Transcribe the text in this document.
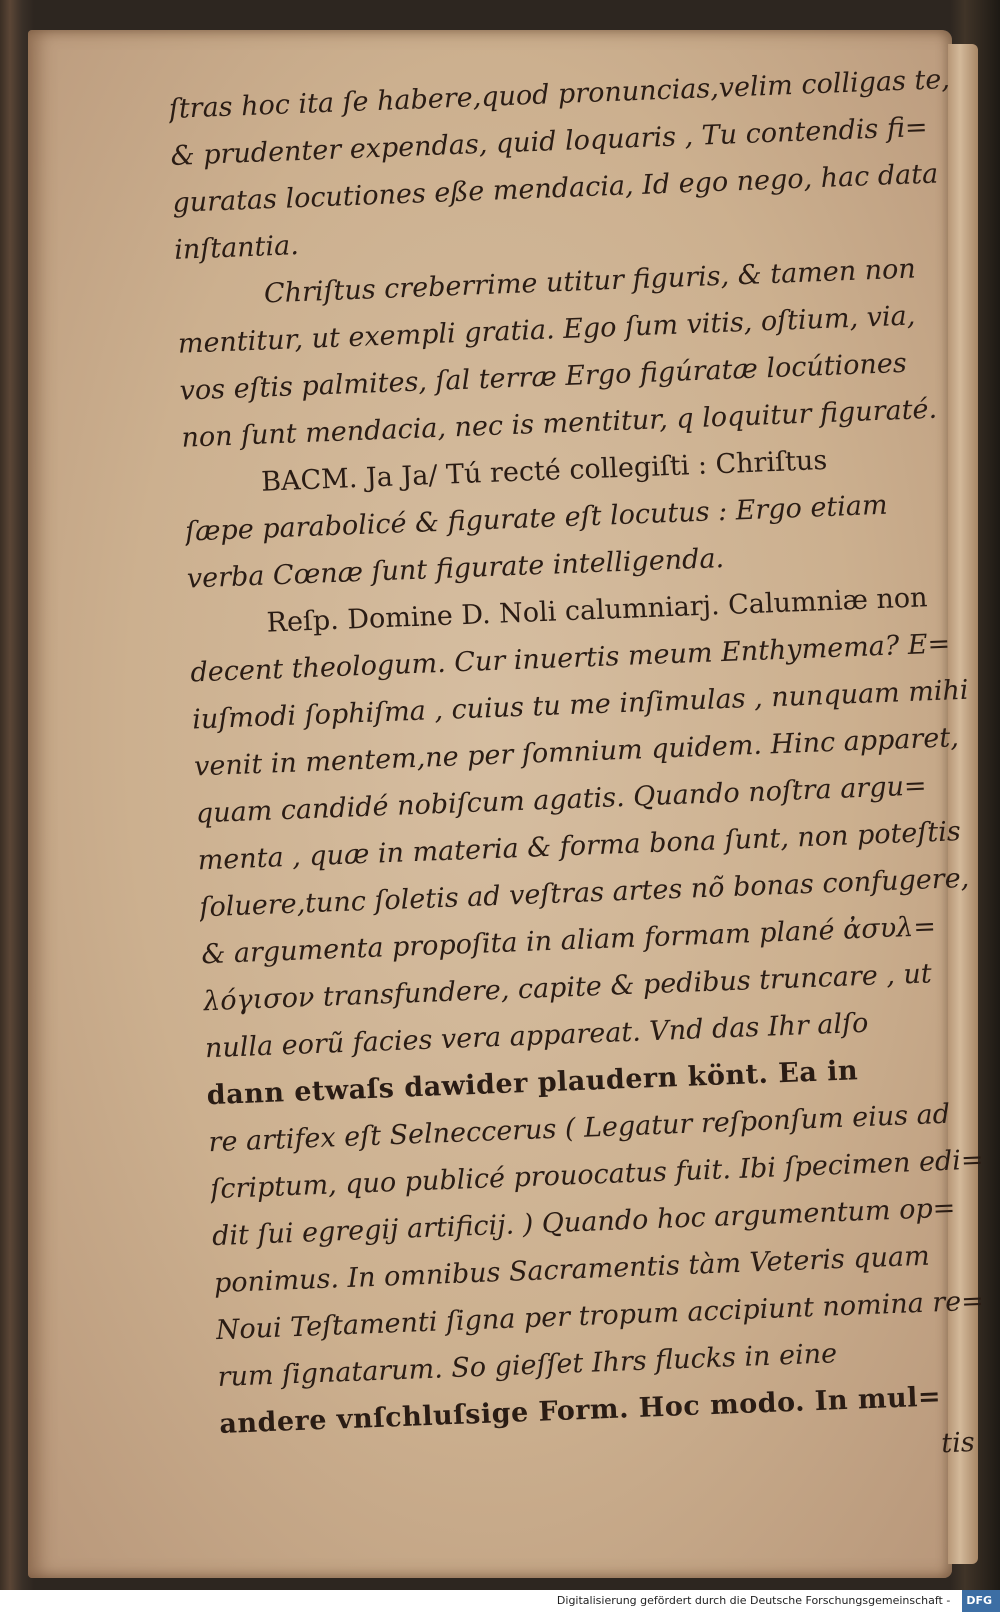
ſtras hoc ita ſe habere,quod pronuncias,velim colligas te,
& prudenter expendas, quid loquaris , Tu contendis fi=
guratas locutiones eße mendacia, Id ego nego, hac data
inſtantia.
Chriſtus creberrime utitur figuris, & tamen non
mentitur, ut exempli gratia. Ego ſum vitis, oſtium, via,
vos eſtis palmites, ſal terræ Ergo figúratæ locútiones
non ſunt mendacia, nec is mentitur, q loquitur figuraté.
BACM. Ja Ja/ Tú recté collegiſti : Chriſtus
ſæpe parabolicé & figurate eſt locutus : Ergo etiam
verba Cœnæ ſunt figurate intelligenda.
Reſp. Domine D. Noli calumniarj. Calumniæ non
decent theologum. Cur inuertis meum Enthymema? E=
iuſmodi ſophiſma , cuius tu me inſimulas , nunquam mihi
venit in mentem,ne per ſomnium quidem. Hinc apparet,
quam candidé nobiſcum agatis. Quando noſtra argu=
menta , quæ in materia & forma bona ſunt, non poteſtis
ſoluere,tunc ſoletis ad veſtras artes nõ bonas confugere,
& argumenta propoſita in aliam formam plané ἀσυλ=
λόγισον transfundere, capite & pedibus truncare , ut
nulla eorũ facies vera appareat. Vnd das Ihr alſo
dann etwaſs dawider plaudern könt. Ea in
re artifex eſt Selneccerus ( Legatur reſponſum eius ad
ſcriptum, quo publicé prouocatus fuit. Ibi ſpecimen edi=
dit ſui egregij artificij. ) Quando hoc argumentum op=
ponimus. In omnibus Sacramentis tàm Veteris quam
Noui Teſtamenti ſigna per tropum accipiunt nomina re=
rum ſignatarum. So gieſſet Ihrs flucks in eine
andere vnſchluſsige Form. Hoc modo. In mul=
tis
Digitalisierung gefördert durch die Deutsche Forschungsgemeinschaft - DFG
